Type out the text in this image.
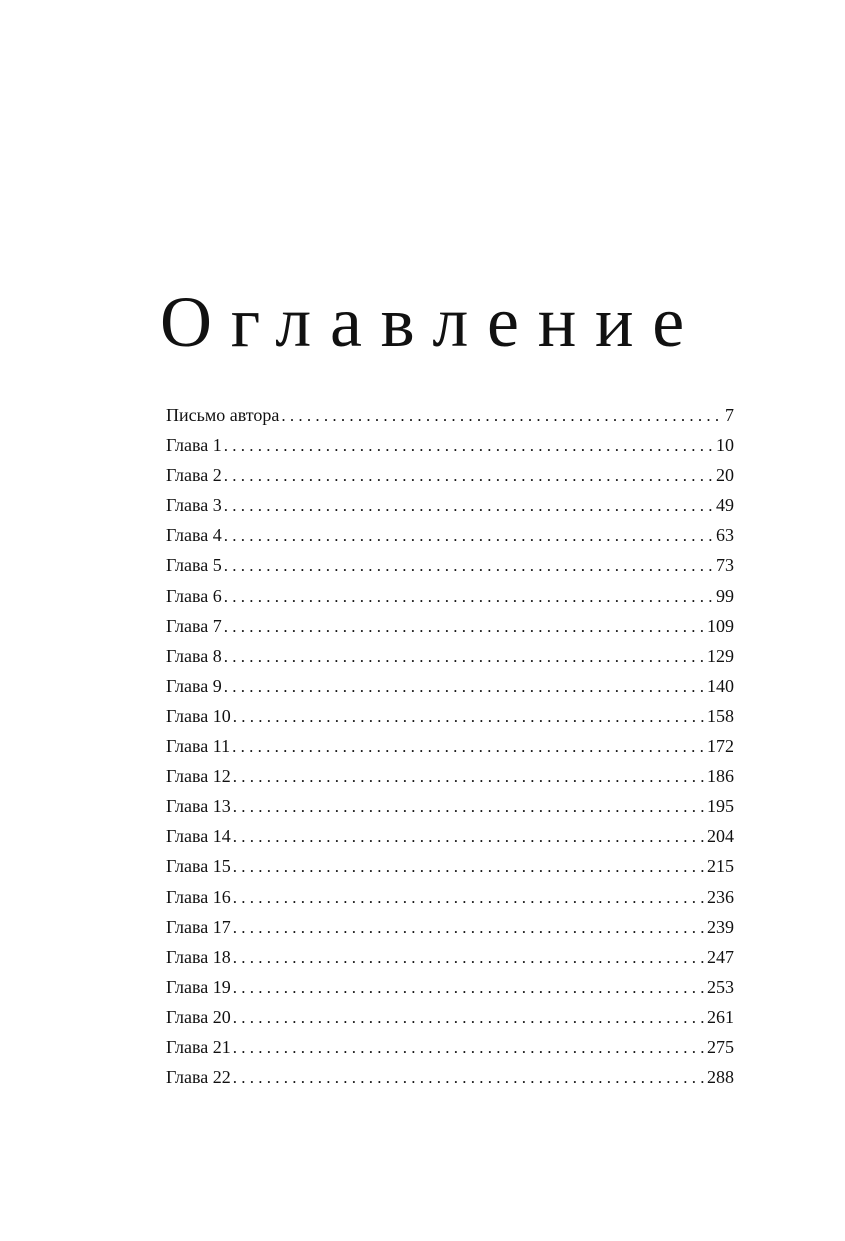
Оглавление
Письмо автора . . .	7
Глава 1 . . .	10
Глава 2 . . .	20
Глава 3 . . .	49
Глава 4 . . .	63
Глава 5 . . .	73
Глава 6 . . .	99
Глава 7 . . .	109
Глава 8 . . .	129
Глава 9 . . .	140
Глава 10 . . .	158
Глава 11 . . .	172
Глава 12 . . .	186
Глава 13 . . .	195
Глава 14 . . .	204
Глава 15 . . .	215
Глава 16 . . .	236
Глава 17 . . .	239
Глава 18 . . .	247
Глава 19 . . .	253
Глава 20 . . .	261
Глава 21 . . .	275
Глава 22 . . .	288
